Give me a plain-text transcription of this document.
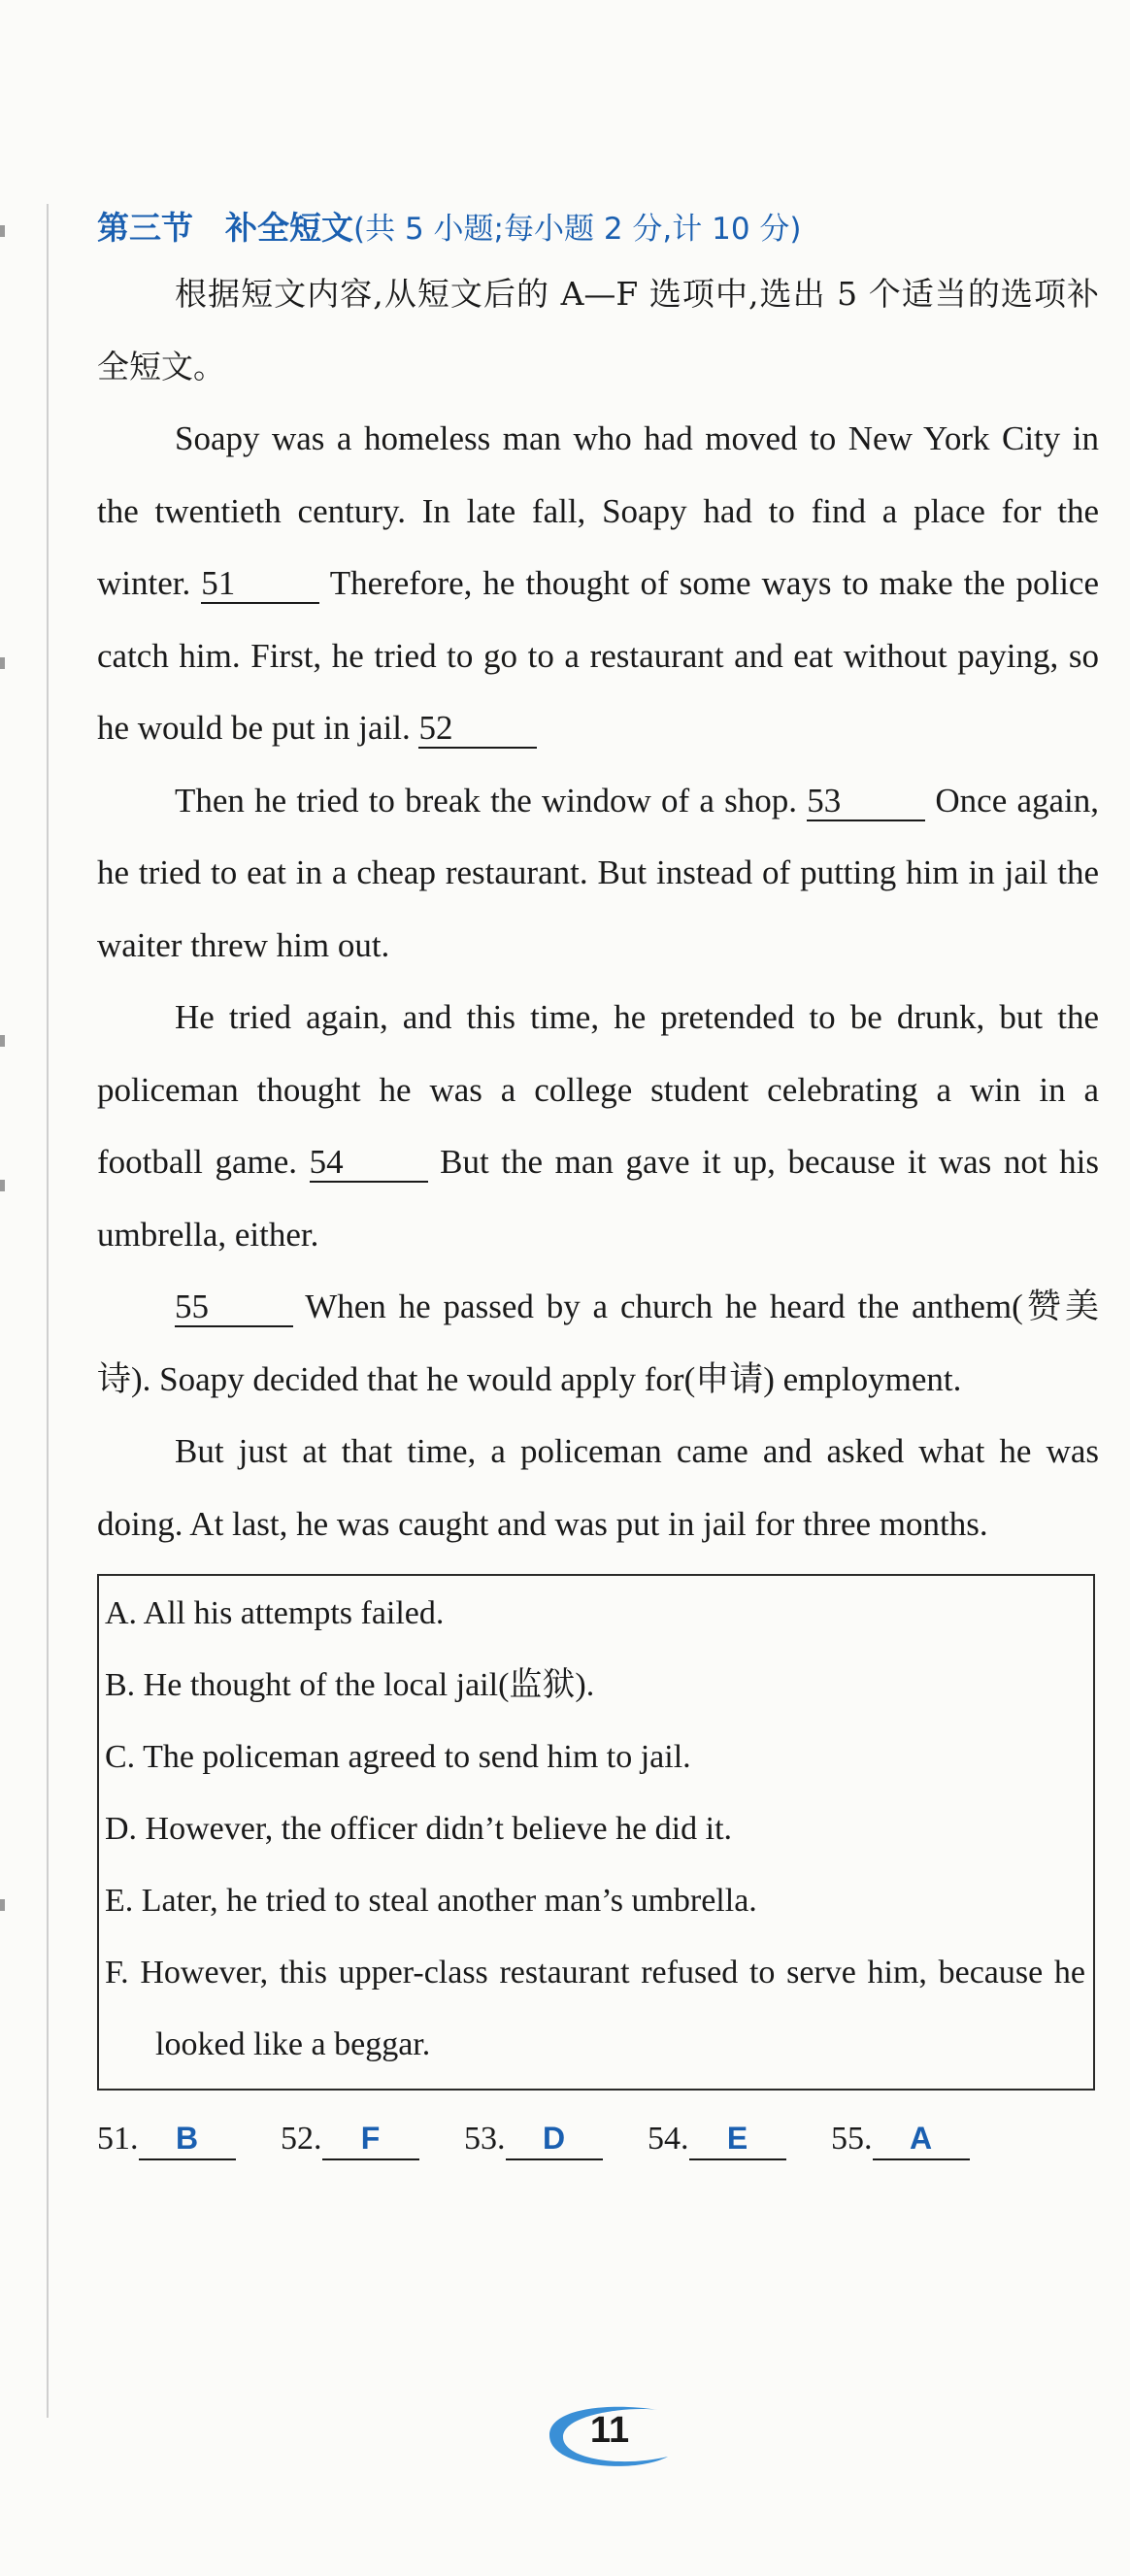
第三节　补全短文(共 5 小题;每小题 2 分,计 10 分)

根据短文内容,从短文后的 A—F 选项中,选出 5 个适当的选项补全短文。

Soapy was a homeless man who had moved to New York City in the twentieth century. In late fall, Soapy had to find a place for the winter. 51 Therefore, he thought of some ways to make the police catch him. First, he tried to go to a restaurant and eat without paying, so he would be put in jail. 52

Then he tried to break the window of a shop. 53 Once again, he tried to eat in a cheap restaurant. But instead of putting him in jail the waiter threw him out.

He tried again, and this time, he pretended to be drunk, but the policeman thought he was a college student celebrating a win in a football game. 54 But the man gave it up, because it was not his umbrella, either.

55 When he passed by a church he heard the anthem(赞美诗). Soapy decided that he would apply for(申请) employment.

But just at that time, a policeman came and asked what he was doing. At last, he was caught and was put in jail for three months.

A. All his attempts failed.
B. He thought of the local jail(监狱).
C. The policeman agreed to send him to jail.
D. However, the officer didn’t believe he did it.
E. Later, he tried to steal another man’s umbrella.
F. However, this upper-class restaurant refused to serve him, because he looked like a beggar.
51. B 52. F	53. D 54. E	55. A
11
